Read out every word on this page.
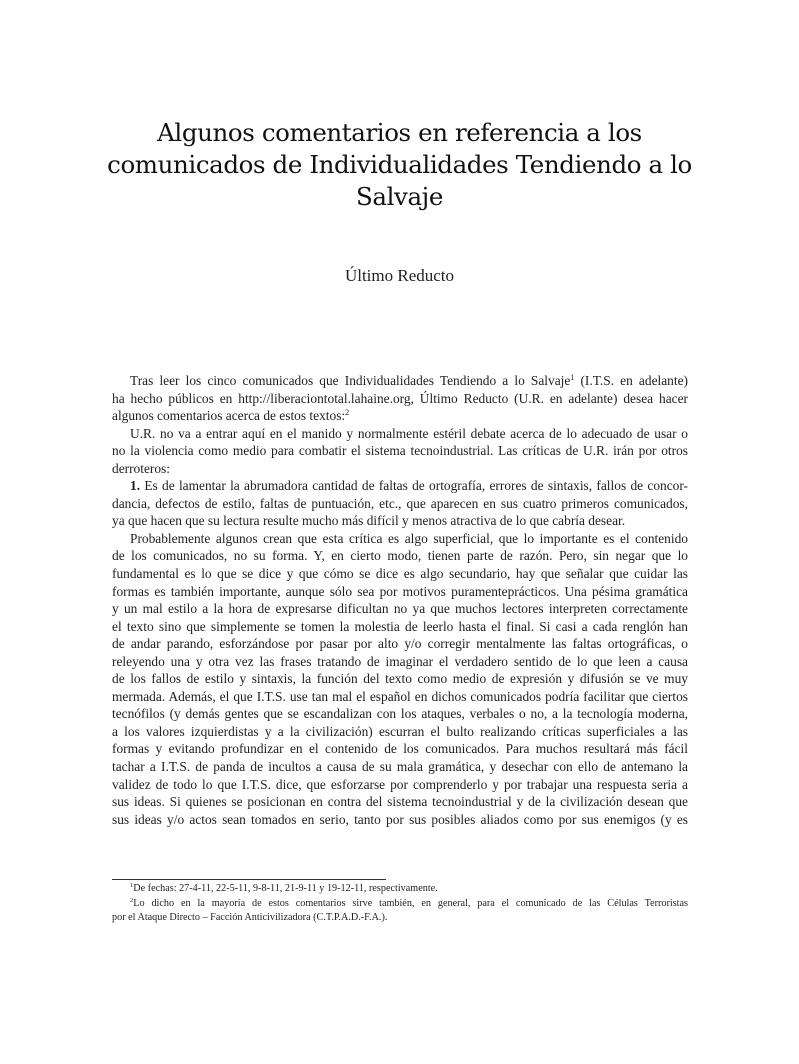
Algunos comentarios en referencia a los
comunicados de Individualidades Tendiendo a lo
Salvaje
Último Reducto
Tras leer los cinco comunicados que Individualidades Tendiendo a lo Salvaje$^1$ (I.T.S. en adelante)
ha hecho públicos en http://liberaciontotal.lahaine.org, Último Reducto (U.R. en adelante) desea hacer
algunos comentarios acerca de estos textos:$^2$
U.R. no va a entrar aquí en el manido y normalmente estéril debate acerca de lo adecuado de usar o
no la violencia como medio para combatir el sistema tecnoindustrial. Las críticas de U.R. irán por otros
derroteros:
1. Es de lamentar la abrumadora cantidad de faltas de ortografía, errores de sintaxis, fallos de concor-
dancia, defectos de estilo, faltas de puntuación, etc., que aparecen en sus cuatro primeros comunicados,
ya que hacen que su lectura resulte mucho más difícil y menos atractiva de lo que cabría desear.
Probablemente algunos crean que esta crítica es algo superficial, que lo importante es el contenido
de los comunicados, no su forma. Y, en cierto modo, tienen parte de razón. Pero, sin negar que lo
fundamental es lo que se dice y que cómo se dice es algo secundario, hay que señalar que cuidar las
formas es también importante, aunque sólo sea por motivos puramenteprácticos. Una pésima gramática
y un mal estilo a la hora de expresarse dificultan no ya que muchos lectores interpreten correctamente
el texto sino que simplemente se tomen la molestia de leerlo hasta el final. Si casi a cada renglón han
de andar parando, esforzándose por pasar por alto y/o corregir mentalmente las faltas ortográficas, o
releyendo una y otra vez las frases tratando de imaginar el verdadero sentido de lo que leen a causa
de los fallos de estilo y sintaxis, la función del texto como medio de expresión y difusión se ve muy
mermada. Además, el que I.T.S. use tan mal el español en dichos comunicados podría facilitar que ciertos
tecnófilos (y demás gentes que se escandalizan con los ataques, verbales o no, a la tecnología moderna,
a los valores izquierdistas y a la civilización) escurran el bulto realizando críticas superficiales a las
formas y evitando profundizar en el contenido de los comunicados. Para muchos resultará más fácil
tachar a I.T.S. de panda de incultos a causa de su mala gramática, y desechar con ello de antemano la
validez de todo lo que I.T.S. dice, que esforzarse por comprenderlo y por trabajar una respuesta seria a
sus ideas. Si quienes se posicionan en contra del sistema tecnoindustrial y de la civilización desean que
sus ideas y/o actos sean tomados en serio, tanto por sus posibles aliados como por sus enemigos (y es
$^1$De fechas: 27-4-11, 22-5-11, 9-8-11, 21-9-11 y 19-12-11, respectivamente.
$^2$Lo dicho en la mayoría de estos comentarios sirve también, en general, para el comunicado de las Células Terroristas
por el Ataque Directo – Facción Anticivilizadora (C.T.P.A.D.-F.A.).
